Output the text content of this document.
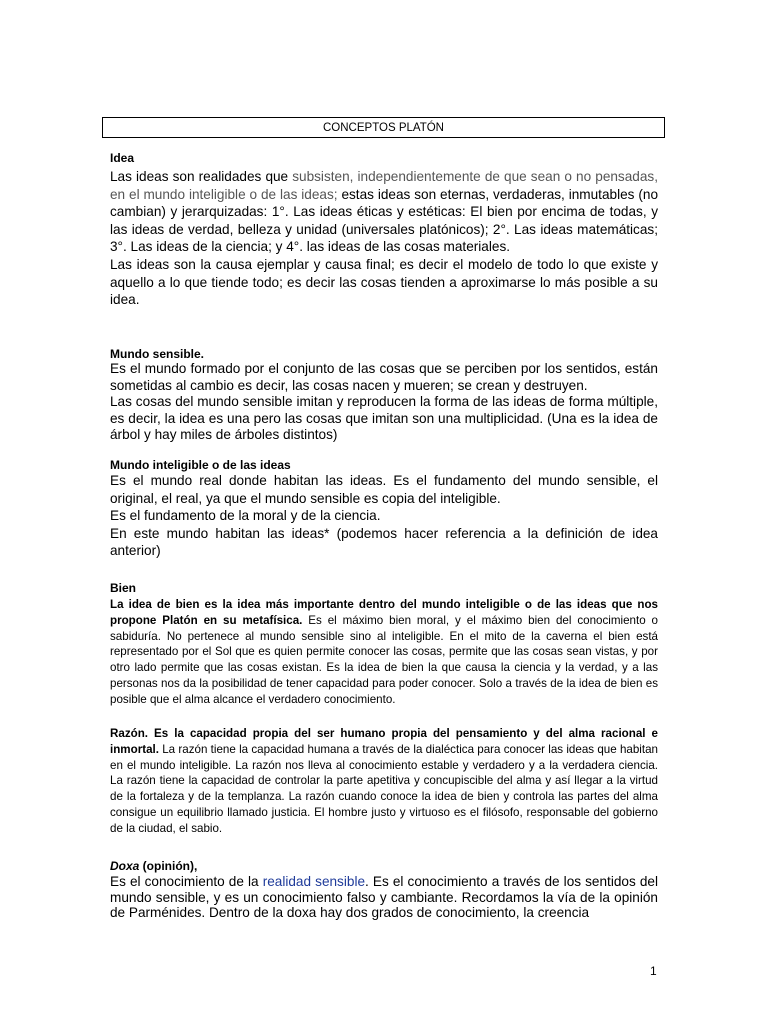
CONCEPTOS PLATÓN
Idea

Las ideas son realidades que subsisten, independientemente de que sean o no pensadas, en el mundo inteligible o de las ideas; estas ideas son eternas, verdaderas, inmutables (no cambian) y jerarquizadas: 1°. Las ideas éticas y estéticas: El bien por encima de todas, y las ideas de verdad, belleza y unidad (universales platónicos); 2°. Las ideas matemáticas; 3°. Las ideas de la ciencia; y 4°. las ideas de las cosas materiales.

Las ideas son la causa ejemplar y causa final; es decir el modelo de todo lo que existe y aquello a lo que tiende todo; es decir las cosas tienden a aproximarse lo más posible a su idea.

Mundo sensible.

Es el mundo formado por el conjunto de las cosas que se perciben por los sentidos, están sometidas al cambio es decir, las cosas nacen y mueren; se crean y destruyen.

Las cosas del mundo sensible imitan y reproducen la forma de las ideas de forma múltiple, es decir, la idea es una pero las cosas que imitan son una multiplicidad. (Una es la idea de árbol y hay miles de árboles distintos)

Mundo inteligible o de las ideas

Es el mundo real donde habitan las ideas. Es el fundamento del mundo sensible, el original, el real, ya que el mundo sensible es copia del inteligible.

Es el fundamento de la moral y de la ciencia.

En este mundo habitan las ideas* (podemos hacer referencia a la definición de idea anterior)

Bien

La idea de bien es la idea más importante dentro del mundo inteligible o de las ideas que nos propone Platón en su metafísica. Es el máximo bien moral, y el máximo bien del conocimiento o sabiduría. No pertenece al mundo sensible sino al inteligible. En el mito de la caverna el bien está representado por el Sol que es quien permite conocer las cosas, permite que las cosas sean vistas, y por otro lado permite que las cosas existan. Es la idea de bien la que causa la ciencia y la verdad, y a las personas nos da la posibilidad de tener capacidad para poder conocer. Solo a través de la idea de bien es posible que el alma alcance el verdadero conocimiento.

Razón. Es la capacidad propia del ser humano propia del pensamiento y del alma racional e inmortal. La razón tiene la capacidad humana a través de la dialéctica para conocer las ideas que habitan en el mundo inteligible. La razón nos lleva al conocimiento estable y verdadero y a la verdadera ciencia. La razón tiene la capacidad de controlar la parte apetitiva y concupiscible del alma y así llegar a la virtud de la fortaleza y de la templanza. La razón cuando conoce la idea de bien y controla las partes del alma consigue un equilibrio llamado justicia. El hombre justo y virtuoso es el filósofo, responsable del gobierno de la ciudad, el sabio.

Doxa (opinión),

Es el conocimiento de la realidad sensible. Es el conocimiento a través de los sentidos del mundo sensible, y es un conocimiento falso y cambiante. Recordamos la vía de la opinión de Parménides. Dentro de la doxa hay dos grados de conocimiento, la creencia

1
